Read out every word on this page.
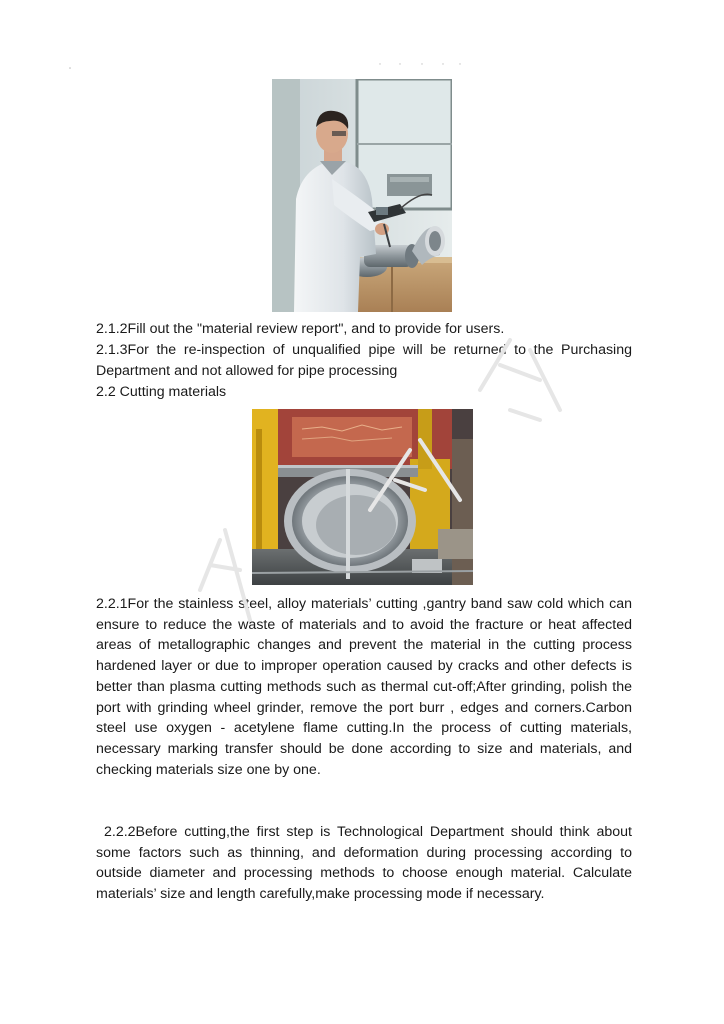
2.1.2Fill out the "material review report", and to provide for users.
2.1.3For the re-inspection of unqualified pipe will be returned to the Purchasing Department and not allowed for pipe processing
2.2 Cutting materials
2.2.1For the stainless steel, alloy materials’ cutting ,gantry band saw cold which can ensure to reduce the waste of materials and to avoid the fracture or heat affected areas of metallographic changes and prevent the material in the cutting process hardened layer or due to improper operation caused by cracks and other defects is better than plasma cutting methods such as thermal cut-off;After grinding, polish the port with grinding wheel grinder, remove the port burr , edges and corners.Carbon steel use oxygen - acetylene flame cutting.In the process of cutting materials, necessary marking transfer should be done according to size and materials, and checking materials size one by one.
2.2.2Before cutting,the first step is Technological Department should think about some factors such as thinning, and deformation during processing according to outside diameter and processing methods to choose enough material. Calculate materials’ size and length carefully,make processing mode if necessary.
